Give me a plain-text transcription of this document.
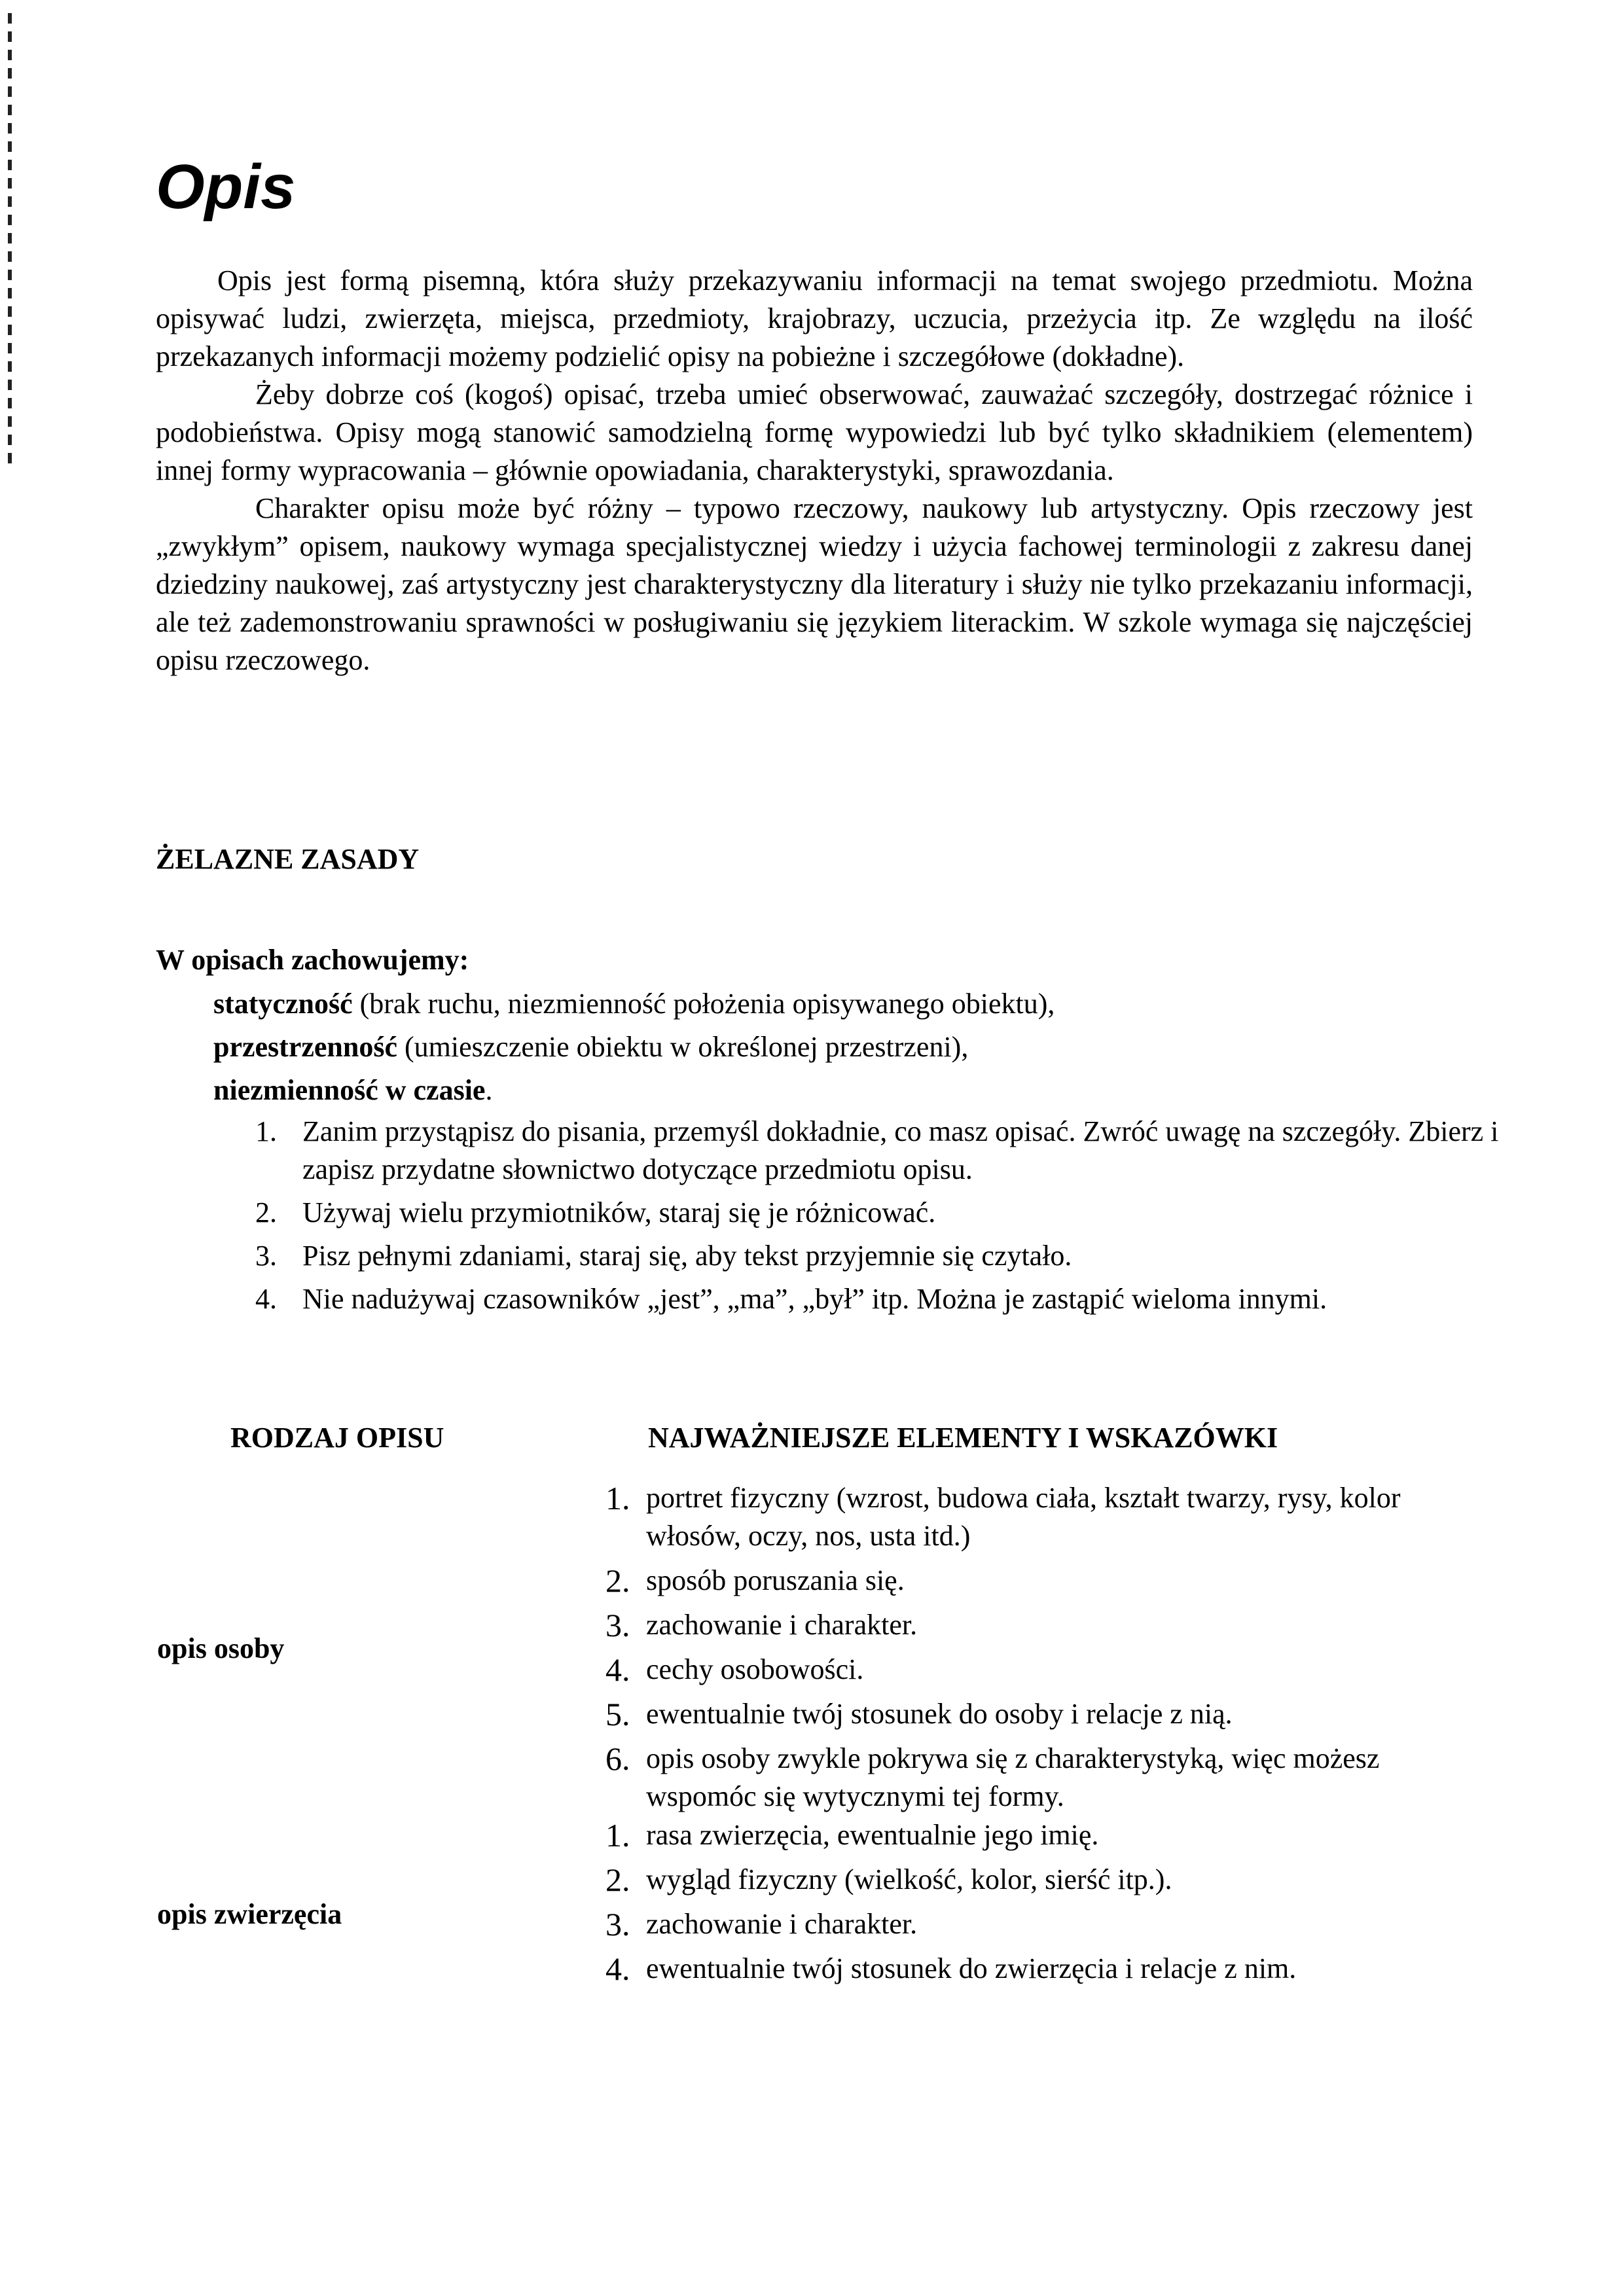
Opis

Opis jest formą pisemną, która służy przekazywaniu informacji na temat swojego przedmiotu. Można opisywać ludzi, zwierzęta, miejsca, przedmioty, krajobrazy, uczucia, przeżycia itp. Ze względu na ilość przekazanych informacji możemy podzielić opisy na pobieżne i szczegółowe (dokładne).

Żeby dobrze coś (kogoś) opisać, trzeba umieć obserwować, zauważać szczegóły, dostrzegać różnice i podobieństwa. Opisy mogą stanowić samodzielną formę wypowiedzi lub być tylko składnikiem (elementem) innej formy wypracowania – głównie opowiadania, charakterystyki, sprawozdania.

Charakter opisu może być różny – typowo rzeczowy, naukowy lub artystyczny. Opis rzeczowy jest „zwykłym” opisem, naukowy wymaga specjalistycznej wiedzy i użycia fachowej terminologii z zakresu danej dziedziny naukowej, zaś artystyczny jest charakterystyczny dla literatury i służy nie tylko przekazaniu informacji, ale też zademonstrowaniu sprawności w posługiwaniu się językiem literackim. W szkole wymaga się najczęściej opisu rzeczowego.

ŻELAZNE ZASADY

W opisach zachowujemy:

statyczność (brak ruchu, niezmienność położenia opisywanego obiektu),

przestrzenność (umieszczenie obiektu w określonej przestrzeni),

niezmienność w czasie.

1. Zanim przystąpisz do pisania, przemyśl dokładnie, co masz opisać. Zwróć uwagę na szczegóły. Zbierz i zapisz przydatne słownictwo dotyczące przedmiotu opisu.
2. Używaj wielu przymiotników, staraj się je różnicować.
3. Pisz pełnymi zdaniami, staraj się, aby tekst przyjemnie się czytało.
4. Nie nadużywaj czasowników „jest”, „ma”, „był” itp. Można je zastąpić wieloma innymi.

RODZAJ OPISU	NAJWAŻNIEJSZE ELEMENTY I WSKAZÓWKI

opis osoby

1. portret fizyczny (wzrost, budowa ciała, kształt twarzy, rysy, kolor włosów, oczy, nos, usta itd.)
2. sposób poruszania się.
3. zachowanie i charakter.
4. cechy osobowości.
5. ewentualnie twój stosunek do osoby i relacje z nią.
6. opis osoby zwykle pokrywa się z charakterystyką, więc możesz wspomóc się wytycznymi tej formy.

opis zwierzęcia

1. rasa zwierzęcia, ewentualnie jego imię.
2. wygląd fizyczny (wielkość, kolor, sierść itp.).
3. zachowanie i charakter.
4. ewentualnie twój stosunek do zwierzęcia i relacje z nim.
